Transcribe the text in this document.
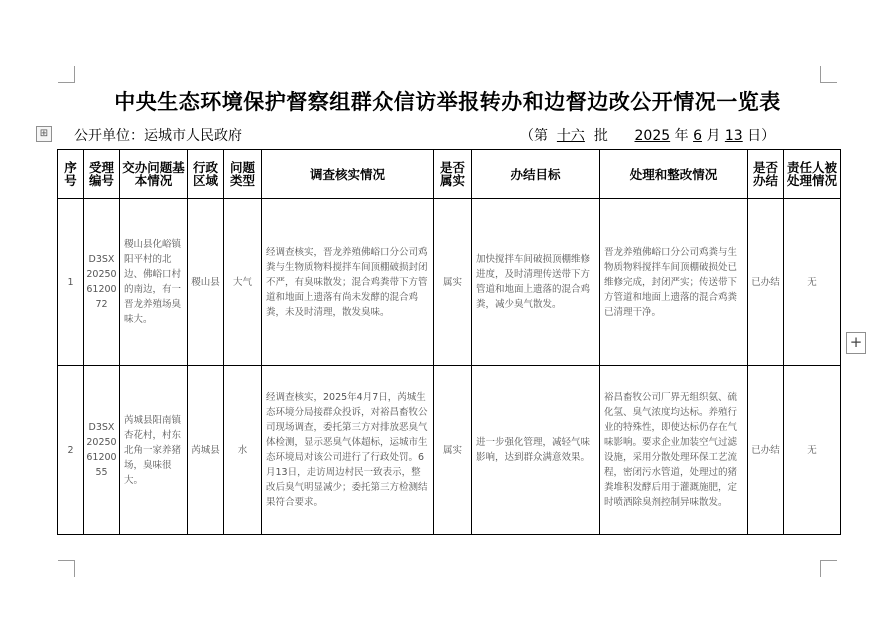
中央生态环境保护督察组群众信访举报转办和边督边改公开情况一览表
⊞ 公开单位：运城市人民政府	（第 十六 批 2025 年 6 月 13 日）
+
序号	受理编号	交办问题基本情况	行政区域	问题类型	调查核实情况	是否属实	办结目标	处理和整改情况	是否办结	责任人被处理情况
1	D3SX202506120072	稷山县化峪镇阳平村的北边、佛峪口村的南边，有一晋龙养殖场臭味大。	稷山县	大气	经调查核实，晋龙养殖佛峪口分公司鸡粪与生物质物料搅拌车间顶棚破损封闭不严，有臭味散发；混合鸡粪带下方管道和地面上遗落有尚未发酵的混合鸡粪，未及时清理，散发臭味。	属实	加快搅拌车间破损顶棚维修进度，及时清理传送带下方管道和地面上遗落的混合鸡粪，减少臭气散发。	晋龙养殖佛峪口分公司鸡粪与生物质物料搅拌车间顶棚破损处已维修完成，封闭严实；传送带下方管道和地面上遗落的混合鸡粪已清理干净。	已办结	无
2	D3SX202506120055	芮城县阳南镇杏花村，村东北角一家养猪场，臭味很大。	芮城县	水	经调查核实，2025年4月7日，芮城生态环境分局接群众投诉，对裕昌畜牧公司现场调查，委托第三方对排放恶臭气体检测，显示恶臭气体超标，运城市生态环境局对该公司进行了行政处罚。6月13日，走访周边村民一致表示，整改后臭气明显减少；委托第三方检测结果符合要求。	属实	进一步强化管理，减轻气味影响，达到群众满意效果。	裕昌畜牧公司厂界无组织氨、硫化氢、臭气浓度均达标。养殖行业的特殊性，即使达标仍存在气味影响。要求企业加装空气过滤设施，采用分散处理环保工艺流程，密闭污水管道，处理过的猪粪堆积发酵后用于灌溉施肥，定时喷洒除臭剂控制异味散发。	已办结	无
